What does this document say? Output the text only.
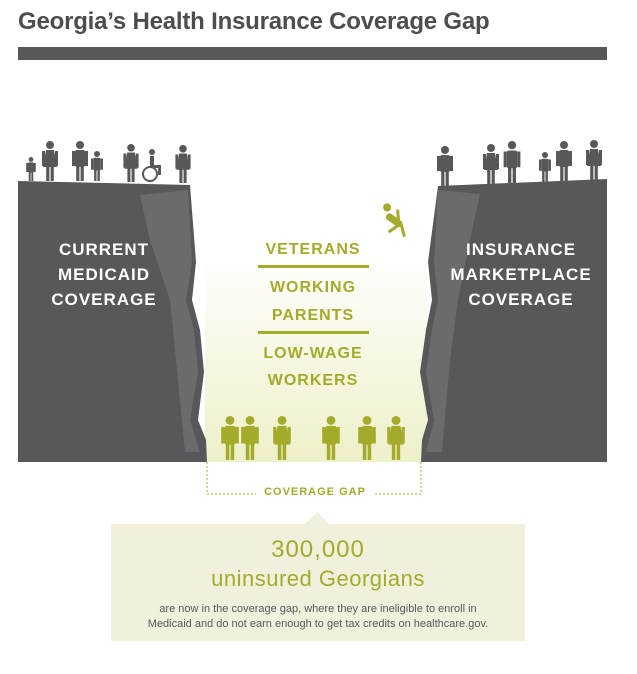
Georgia’s Health Insurance Coverage Gap
CURRENT
MEDICAID
COVERAGE
INSURANCE
MARKETPLACE
COVERAGE
VETERANS
WORKING
PARENTS
LOW-WAGE
WORKERS
COVERAGE GAP
300,000
uninsured Georgians
are now in the coverage gap, where they are ineligible to enroll in
Medicaid and do not earn enough to get tax credits on healthcare.gov.
